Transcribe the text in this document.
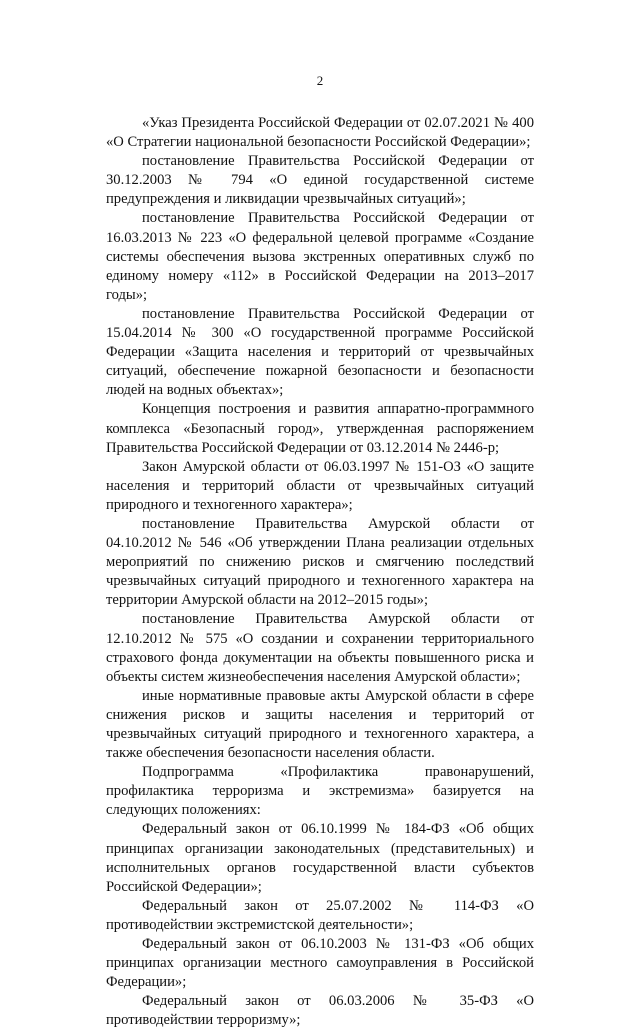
2

«Указ Президента Российской Федерации от 02.07.2021 № 400 «О Стратегии национальной безопасности Российской Федерации»;

постановление Правительства Российской Федерации от 30.12.2003 № 794 «О единой государственной системе предупреждения и ликвидации чрезвычайных ситуаций»;

постановление Правительства Российской Федерации от 16.03.2013 № 223 «О федеральной целевой программе «Создание системы обеспечения вызова экстренных оперативных служб по единому номеру «112» в Российской Федерации на 2013–2017 годы»;

постановление Правительства Российской Федерации от 15.04.2014 № 300 «О государственной программе Российской Федерации «Защита населения и территорий от чрезвычайных ситуаций, обеспечение пожарной безопасности и безопасности людей на водных объектах»;

Концепция построения и развития аппаратно-программного комплекса «Безопасный город», утвержденная распоряжением Правительства Российской Федерации от 03.12.2014 № 2446-р;

Закон Амурской области от 06.03.1997 № 151-ОЗ «О защите населения и территорий области от чрезвычайных ситуаций природного и техногенного характера»;

постановление Правительства Амурской области от 04.10.2012 № 546 «Об утверждении Плана реализации отдельных мероприятий по снижению рисков и смягчению последствий чрезвычайных ситуаций природного и техногенного характера на территории Амурской области на 2012–2015 годы»;

постановление Правительства Амурской области от 12.10.2012 № 575 «О создании и сохранении территориального страхового фонда документации на объекты повышенного риска и объекты систем жизнеобеспечения населения Амурской области»;

иные нормативные правовые акты Амурской области в сфере снижения рисков и защиты населения и территорий от чрезвычайных ситуаций природного и техногенного характера, а также обеспечения безопасности населения области.

Подпрограмма «Профилактика правонарушений, профилактика терроризма и экстремизма» базируется на следующих положениях:

Федеральный закон от 06.10.1999 № 184-ФЗ «Об общих принципах организации законодательных (представительных) и исполнительных органов государственной власти субъектов Российской Федерации»;

Федеральный закон от 25.07.2002 № 114-ФЗ «О противодействии экстремистской деятельности»;

Федеральный закон от 06.10.2003 № 131-ФЗ «Об общих принципах организации местного самоуправления в Российской Федерации»;

Федеральный закон от 06.03.2006 № 35-ФЗ «О противодействии терроризму»;
